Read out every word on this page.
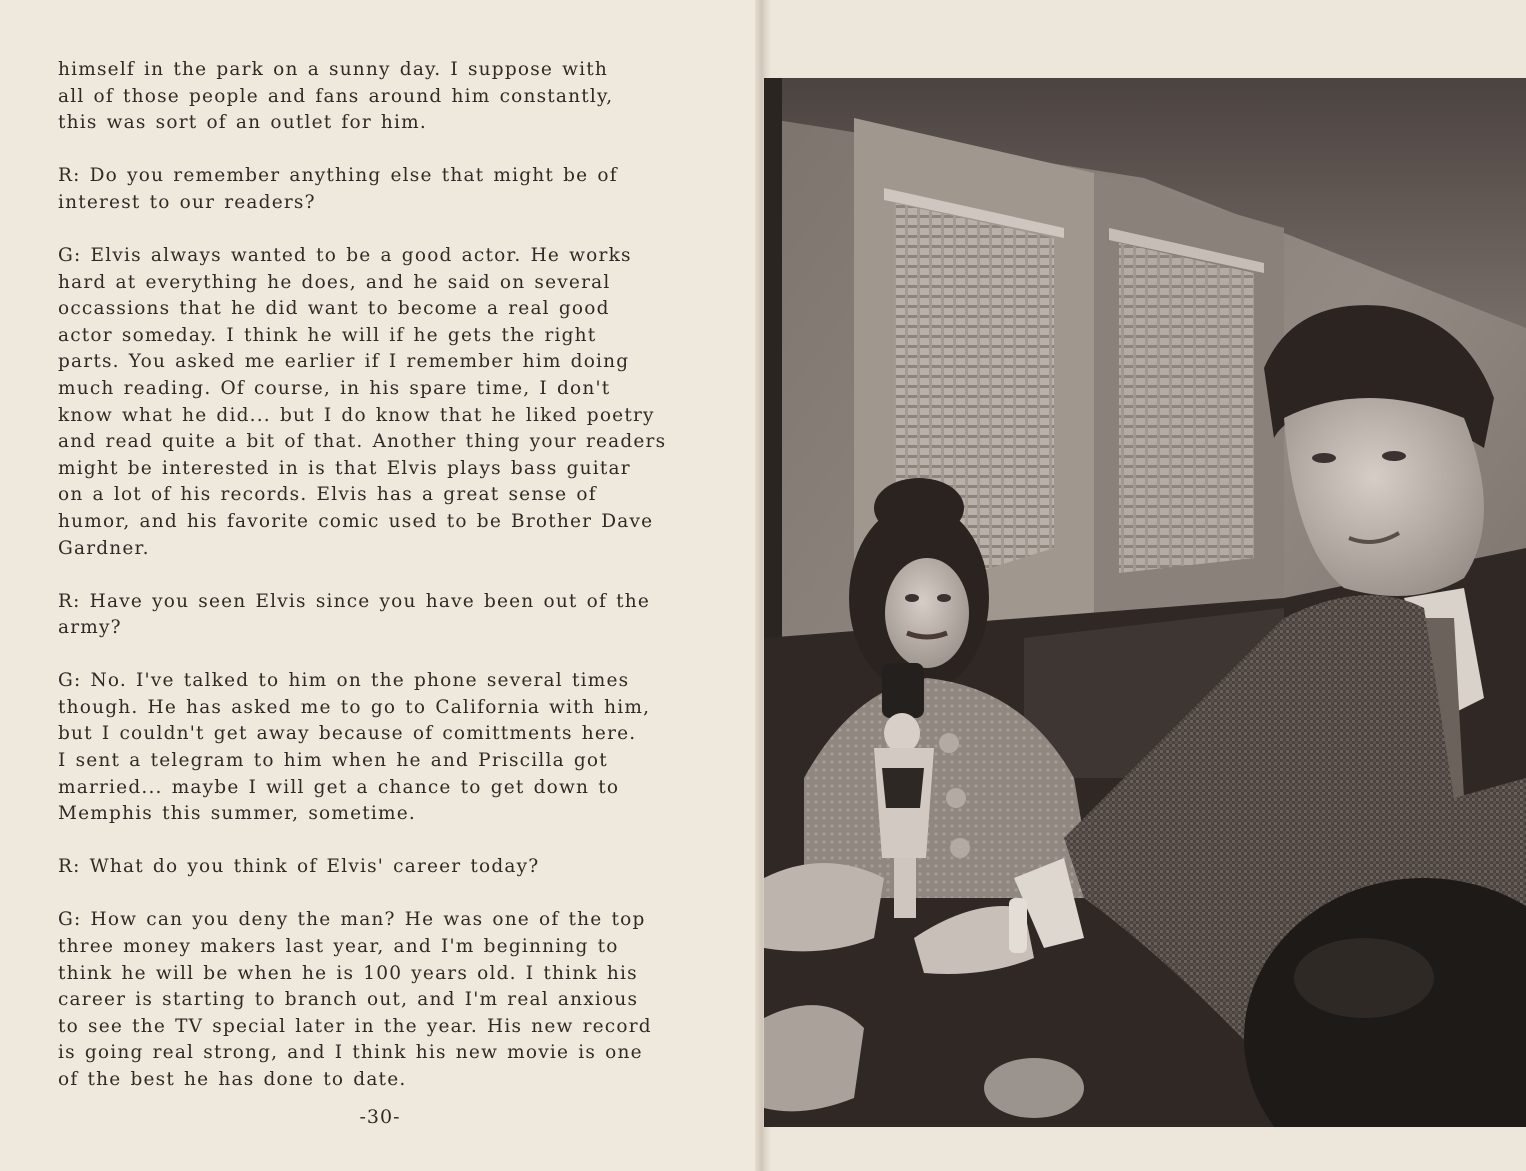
himself in the park on a sunny day. I suppose with
all of those people and fans around him constantly,
this was sort of an outlet for him.
R: Do you remember anything else that might be of
interest to our readers?
G: Elvis always wanted to be a good actor. He works
hard at everything he does, and he said on several
occassions that he did want to become a real good
actor someday. I think he will if he gets the right
parts. You asked me earlier if I remember him doing
much reading. Of course, in his spare time, I don't
know what he did... but I do know that he liked poetry
and read quite a bit of that. Another thing your readers
might be interested in is that Elvis plays bass guitar
on a lot of his records. Elvis has a great sense of
humor, and his favorite comic used to be Brother Dave
Gardner.
R: Have you seen Elvis since you have been out of the
army?
G: No. I've talked to him on the phone several times
though. He has asked me to go to California with him,
but I couldn't get away because of comittments here.
I sent a telegram to him when he and Priscilla got
married... maybe I will get a chance to get down to
Memphis this summer, sometime.
R: What do you think of Elvis' career today?
G: How can you deny the man? He was one of the top
three money makers last year, and I'm beginning to
think he will be when he is 100 years old. I think his
career is starting to branch out, and I'm real anxious
to see the TV special later in the year. His new record
is going real strong, and I think his new movie is one
of the best he has done to date.
-30-
